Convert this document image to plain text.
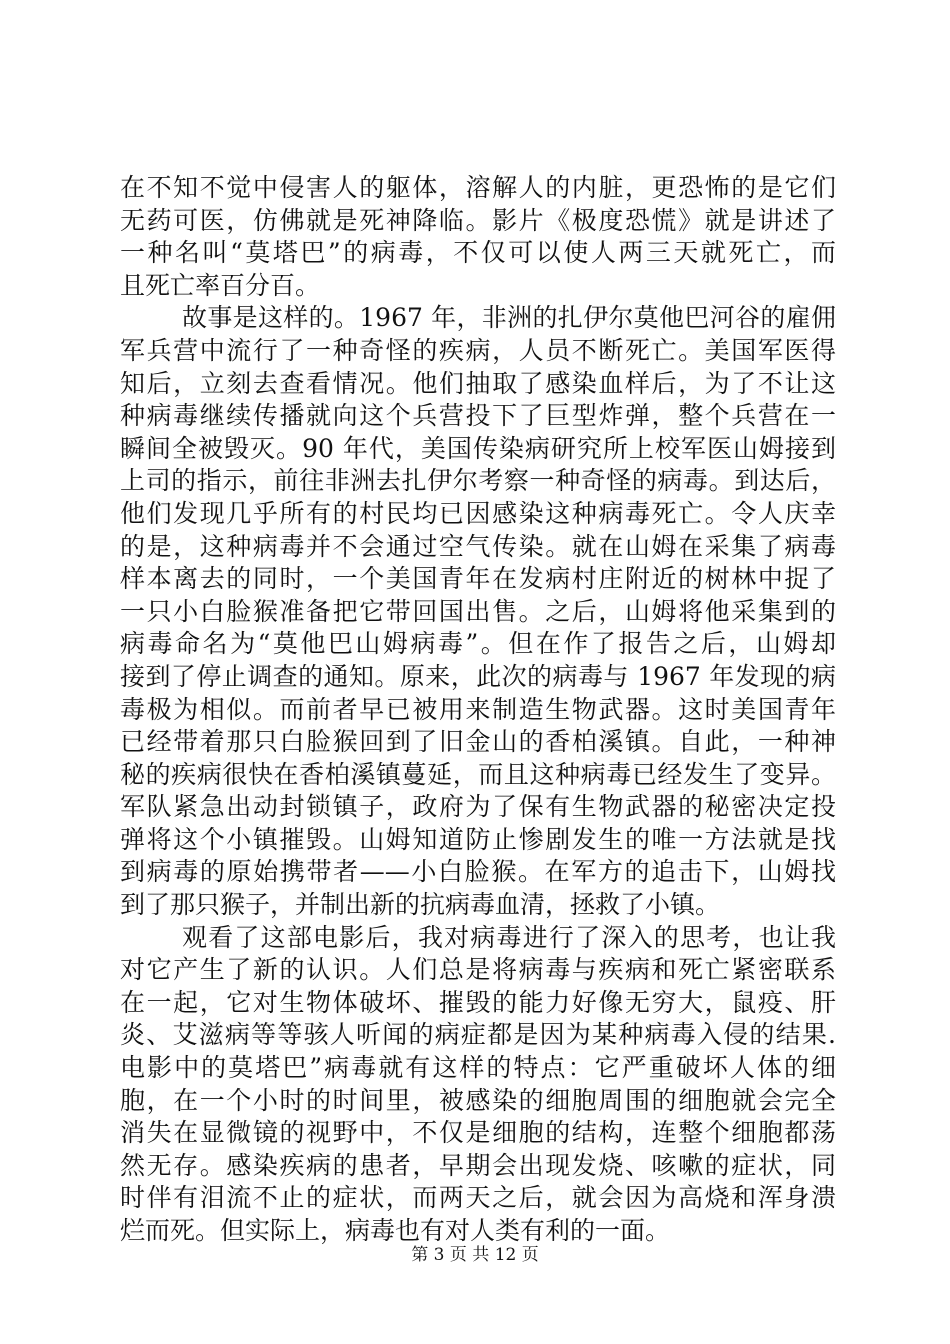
在不知不觉中侵害人的躯体，溶解人的内脏，更恐怖的是它们
无药可医，仿佛就是死神降临。影片《极度恐慌》就是讲述了
一种名叫“莫塔巴”的病毒，不仅可以使人两三天就死亡，而
且死亡率百分百。
故事是这样的。1967 年，非洲的扎伊尔莫他巴河谷的雇佣
军兵营中流行了一种奇怪的疾病，人员不断死亡。美国军医得
知后，立刻去查看情况。他们抽取了感染血样后，为了不让这
种病毒继续传播就向这个兵营投下了巨型炸弹，整个兵营在一
瞬间全被毁灭。90 年代，美国传染病研究所上校军医山姆接到
上司的指示，前往非洲去扎伊尔考察一种奇怪的病毒。到达后，
他们发现几乎所有的村民均已因感染这种病毒死亡。令人庆幸
的是，这种病毒并不会通过空气传染。就在山姆在采集了病毒
样本离去的同时，一个美国青年在发病村庄附近的树林中捉了
一只小白脸猴准备把它带回国出售。之后，山姆将他采集到的
病毒命名为“莫他巴山姆病毒”。但在作了报告之后，山姆却
接到了停止调查的通知。原来，此次的病毒与 1967 年发现的病
毒极为相似。而前者早已被用来制造生物武器。这时美国青年
已经带着那只白脸猴回到了旧金山的香柏溪镇。自此，一种神
秘的疾病很快在香柏溪镇蔓延，而且这种病毒已经发生了变异。
军队紧急出动封锁镇子，政府为了保有生物武器的秘密决定投
弹将这个小镇摧毁。山姆知道防止惨剧发生的唯一方法就是找
到病毒的原始携带者——小白脸猴。在军方的追击下，山姆找
到了那只猴子，并制出新的抗病毒血清，拯救了小镇。
观看了这部电影后，我对病毒进行了深入的思考，也让我
对它产生了新的认识。人们总是将病毒与疾病和死亡紧密联系
在一起，它对生物体破坏、摧毁的能力好像无穷大，鼠疫、肝
炎、艾滋病等等骇人听闻的病症都是因为某种病毒入侵的结果.
电影中的莫塔巴”病毒就有这样的特点：它严重破坏人体的细
胞，在一个小时的时间里，被感染的细胞周围的细胞就会完全
消失在显微镜的视野中，不仅是细胞的结构，连整个细胞都荡
然无存。感染疾病的患者，早期会出现发烧、咳嗽的症状，同
时伴有泪流不止的症状，而两天之后，就会因为高烧和浑身溃
烂而死。但实际上，病毒也有对人类有利的一面。
第 3 页 共 12 页
